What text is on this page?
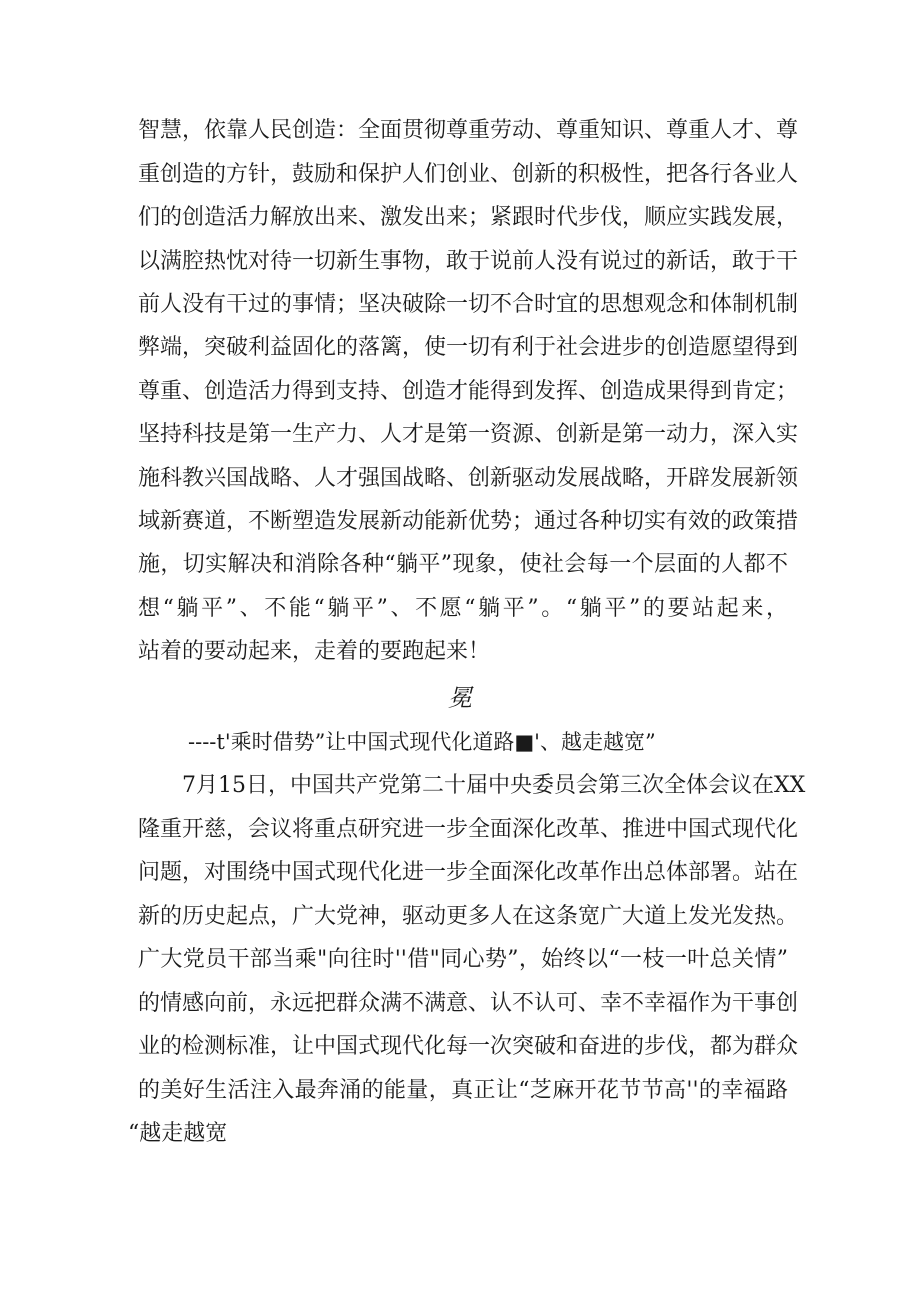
智慧，依靠人民创造：全面贯彻尊重劳动、尊重知识、尊重人才、尊
重创造的方针，鼓励和保护人们创业、创新的积极性，把各行各业人
们的创造活力解放出来、激发出来；紧跟时代步伐，顺应实践发展，
以满腔热忱对待一切新生事物，敢于说前人没有说过的新话，敢于干
前人没有干过的事情；坚决破除一切不合时宜的思想观念和体制机制
弊端，突破利益固化的落篱，使一切有利于社会进步的创造愿望得到
尊重、创造活力得到支持、创造才能得到发挥、创造成果得到肯定；
坚持科技是第一生产力、人才是第一资源、创新是第一动力，深入实
施科教兴国战略、人才强国战略、创新驱动发展战略，开辟发展新领
域新赛道，不断塑造发展新动能新优势；通过各种切实有效的政策措
施，切实解决和消除各种“躺平”现象，使社会每一个层面的人都不
想“躺平”、不能“躺平”、不愿“躺平”。“躺平”的要站起来，
站着的要动起来，走着的要跑起来！
冕
----t'乘时借势”让中国式现代化道路■'、越走越宽”
7月15日，中国共产党第二十届中央委员会第三次全体会议在XX
隆重开慈，会议将重点研究进一步全面深化改革、推进中国式现代化
问题，对围绕中国式现代化进一步全面深化改革作出总体部署。站在
新的历史起点，广大党神，驱动更多人在这条宽广大道上发光发热。
广大党员干部当乘"向往时''借"同心势”，始终以“一枝一叶总关情”
的情感向前，永远把群众满不满意、认不认可、幸不幸福作为干事创
业的检测标准，让中国式现代化每一次突破和奋进的步伐，都为群众
的美好生活注入最奔涌的能量，真正让“芝麻开花节节高''的幸福路
“越走越宽
